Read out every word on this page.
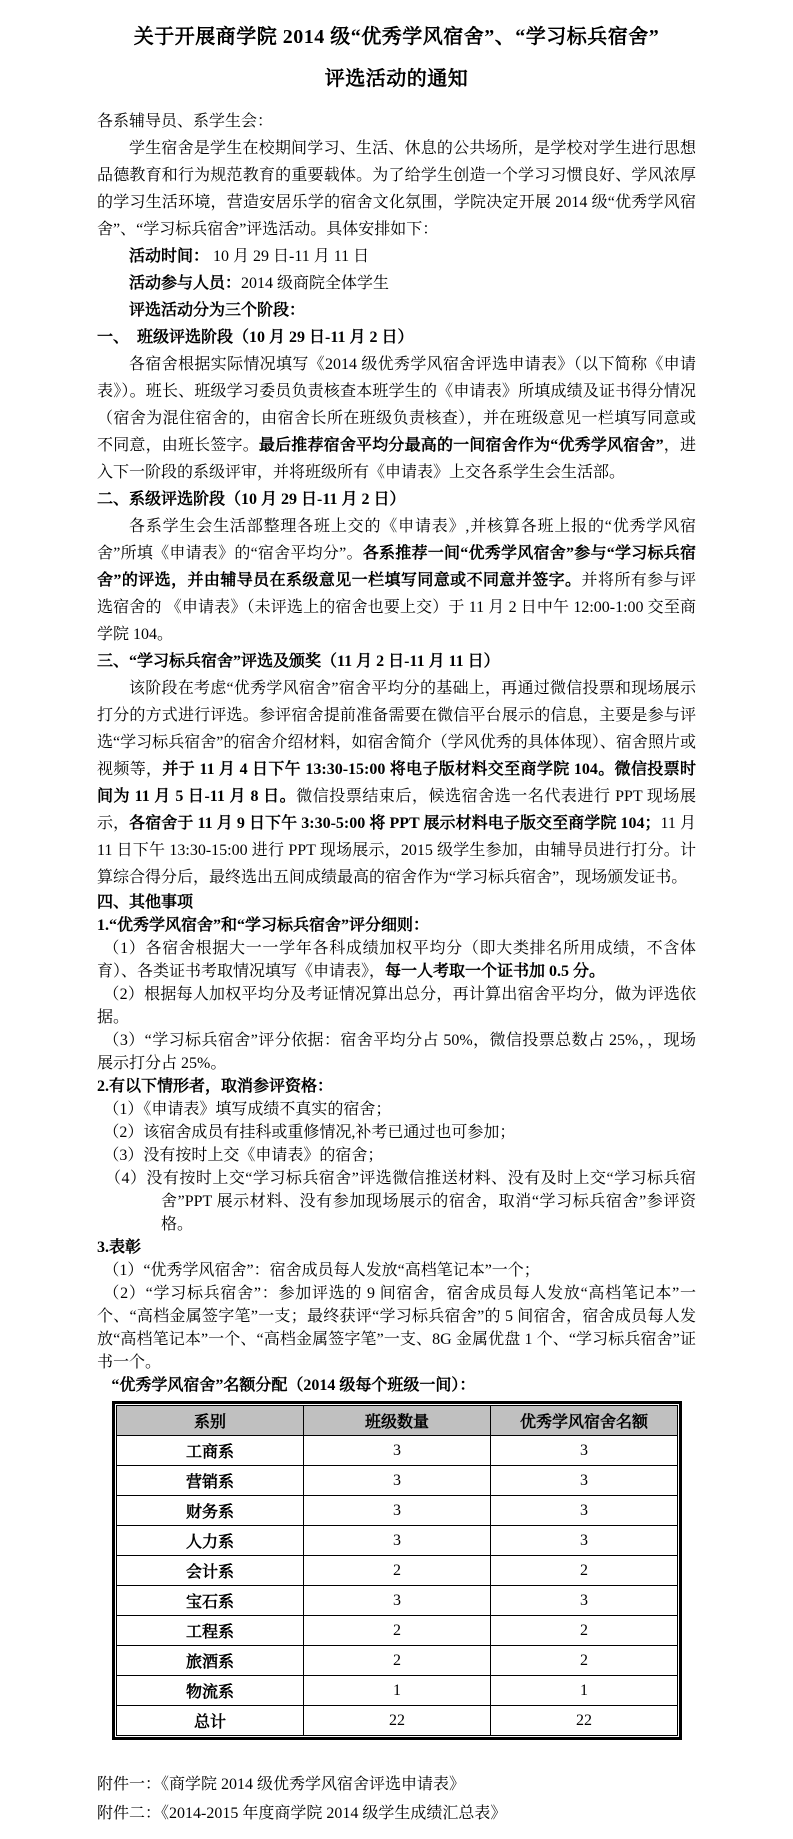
关于开展商学院 2014 级“优秀学风宿舍”、“学习标兵宿舍”
评选活动的通知
各系辅导员、系学生会：
学生宿舍是学生在校期间学习、生活、休息的公共场所，是学校对学生进行思想品德教育和行为规范教育的重要载体。为了给学生创造一个学习习惯良好、学风浓厚的学习生活环境，营造安居乐学的宿舍文化氛围，学院决定开展 2014 级“优秀学风宿舍”、“学习标兵宿舍”评选活动。具体安排如下：
活动时间： 10 月 29 日-11 月 11 日
活动参与人员：2014 级商院全体学生
评选活动分为三个阶段：
一、　班级评选阶段（10 月 29 日-11 月 2 日）
各宿舍根据实际情况填写《2014 级优秀学风宿舍评选申请表》（以下简称《申请表》）。班长、班级学习委员负责核查本班学生的《申请表》所填成绩及证书得分情况（宿舍为混住宿舍的，由宿舍长所在班级负责核查），并在班级意见一栏填写同意或不同意，由班长签字。最后推荐宿舍平均分最高的一间宿舍作为“优秀学风宿舍”，进入下一阶段的系级评审，并将班级所有《申请表》上交各系学生会生活部。
二、系级评选阶段（10 月 29 日-11 月 2 日）
各系学生会生活部整理各班上交的《申请表》,并核算各班上报的“优秀学风宿舍”所填《申请表》的“宿舍平均分”。各系推荐一间“优秀学风宿舍”参与“学习标兵宿舍”的评选，并由辅导员在系级意见一栏填写同意或不同意并签字。并将所有参与评选宿舍的 《申请表》（未评选上的宿舍也要上交）于 11 月 2 日中午 12:00-1:00 交至商学院 104。
三、“学习标兵宿舍”评选及颁奖（11 月 2 日-11 月 11 日）
该阶段在考虑“优秀学风宿舍”宿舍平均分的基础上，再通过微信投票和现场展示打分的方式进行评选。参评宿舍提前准备需要在微信平台展示的信息，主要是参与评选“学习标兵宿舍”的宿舍介绍材料，如宿舍简介（学风优秀的具体体现）、宿舍照片或视频等，并于 11 月 4 日下午 13:30-15:00 将电子版材料交至商学院 104。微信投票时间为 11 月 5 日-11 月 8 日。微信投票结束后，候选宿舍选一名代表进行 PPT 现场展示，各宿舍于 11 月 9 日下午 3:30-5:00 将 PPT 展示材料电子版交至商学院 104；11 月 11 日下午 13:30-15:00 进行 PPT 现场展示，2015 级学生参加，由辅导员进行打分。计算综合得分后，最终选出五间成绩最高的宿舍作为“学习标兵宿舍”，现场颁发证书。
四、其他事项
1.“优秀学风宿舍”和“学习标兵宿舍”评分细则：
（1）各宿舍根据大一一学年各科成绩加权平均分（即大类排名所用成绩，不含体育）、各类证书考取情况填写《申请表》，每一人考取一个证书加 0.5 分。
（2）根据每人加权平均分及考证情况算出总分，再计算出宿舍平均分，做为评选依据。
（3）“学习标兵宿舍”评分依据：宿舍平均分占 50%，微信投票总数占 25%，，现场展示打分占 25%。
2.有以下情形者，取消参评资格：
（1）《申请表》填写成绩不真实的宿舍；
（2）该宿舍成员有挂科或重修情况,补考已通过也可参加；
（3）没有按时上交《申请表》的宿舍；
（4）没有按时上交“学习标兵宿舍”评选微信推送材料、没有及时上交“学习标兵宿舍”PPT 展示材料、没有参加现场展示的宿舍，取消“学习标兵宿舍”参评资格。
3.表彰
（1）“优秀学风宿舍”：宿舍成员每人发放“高档笔记本”一个；
（2）“学习标兵宿舍”：参加评选的 9 间宿舍，宿舍成员每人发放“高档笔记本”一个、“高档金属签字笔”一支；最终获评“学习标兵宿舍”的 5 间宿舍，宿舍成员每人发放“高档笔记本”一个、“高档金属签字笔”一支、8G 金属优盘 1 个、“学习标兵宿舍”证书一个。
“优秀学风宿舍”名额分配（2014 级每个班级一间）：
系别	班级数量	优秀学风宿舍名额
工商系	3	3
营销系	3	3
财务系	3	3
人力系	3	3
会计系	2	2
宝石系	3	3
工程系	2	2
旅酒系	2	2
物流系	1	1
总计	22	22
附件一：《商学院 2014 级优秀学风宿舍评选申请表》
附件二：《2014-2015 年度商学院 2014 级学生成绩汇总表》
